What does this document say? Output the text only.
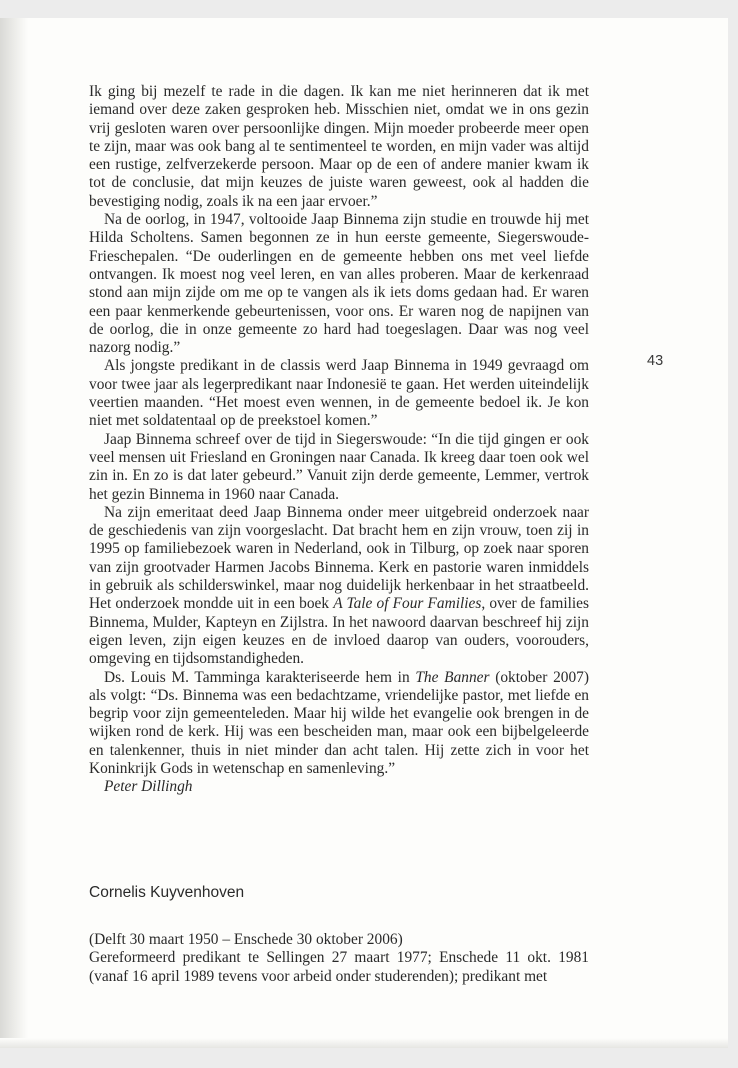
Ik ging bij mezelf te rade in die dagen. Ik kan me niet herinneren dat ik met iemand over deze zaken gesproken heb. Misschien niet, omdat we in ons gezin vrij gesloten waren over persoonlijke dingen. Mijn moeder probeerde meer open te zijn, maar was ook bang al te sentimenteel te worden, en mijn vader was altijd een rustige, zelfverzekerde persoon. Maar op de een of andere manier kwam ik tot de conclusie, dat mijn keuzes de juiste waren geweest, ook al hadden die bevestiging nodig, zoals ik na een jaar ervoer.”

Na de oorlog, in 1947, voltooide Jaap Binnema zijn studie en trouwde hij met Hilda Scholtens. Samen begonnen ze in hun eerste gemeente, Siegerswoude-Frieschepalen. “De ouderlingen en de gemeente hebben ons met veel liefde ontvangen. Ik moest nog veel leren, en van alles proberen. Maar de kerkenraad stond aan mijn zijde om me op te vangen als ik iets doms gedaan had. Er waren een paar kenmerkende gebeurtenissen, voor ons. Er waren nog de napijnen van de oorlog, die in onze gemeente zo hard had toegeslagen. Daar was nog veel nazorg nodig.”

Als jongste predikant in de classis werd Jaap Binnema in 1949 gevraagd om voor twee jaar als legerpredikant naar Indonesië te gaan. Het werden uiteindelijk veertien maanden. “Het moest even wennen, in de gemeente bedoel ik. Je kon niet met soldatentaal op de preekstoel komen.”

Jaap Binnema schreef over de tijd in Siegerswoude: “In die tijd gingen er ook veel mensen uit Friesland en Groningen naar Canada. Ik kreeg daar toen ook wel zin in. En zo is dat later gebeurd.” Vanuit zijn derde gemeente, Lemmer, vertrok het gezin Binnema in 1960 naar Canada.

Na zijn emeritaat deed Jaap Binnema onder meer uitgebreid onderzoek naar de geschiedenis van zijn voorgeslacht. Dat bracht hem en zijn vrouw, toen zij in 1995 op familiebezoek waren in Nederland, ook in Tilburg, op zoek naar sporen van zijn grootvader Harmen Jacobs Binnema. Kerk en pastorie waren inmiddels in gebruik als schilderswinkel, maar nog duidelijk herkenbaar in het straatbeeld. Het onderzoek mondde uit in een boek A Tale of Four Families, over de families Binnema, Mulder, Kapteyn en Zijlstra. In het nawoord daarvan beschreef hij zijn eigen leven, zijn eigen keuzes en de invloed daarop van ouders, voorouders, omgeving en tijdsomstandigheden.

Ds. Louis M. Tamminga karakteriseerde hem in The Banner (oktober 2007) als volgt: “Ds. Binnema was een bedachtzame, vriendelijke pastor, met liefde en begrip voor zijn gemeenteleden. Maar hij wilde het evangelie ook brengen in de wijken rond de kerk. Hij was een bescheiden man, maar ook een bijbelgeleerde en talenkenner, thuis in niet minder dan acht talen. Hij zette zich in voor het Koninkrijk Gods in wetenschap en samenleving.”

Peter Dillingh

43
Cornelis Kuyvenhoven

(Delft 30 maart 1950 – Enschede 30 oktober 2006)

Gereformeerd predikant te Sellingen 27 maart 1977; Enschede 11 okt. 1981 (vanaf 16 april 1989 tevens voor arbeid onder studerenden); predikant met
